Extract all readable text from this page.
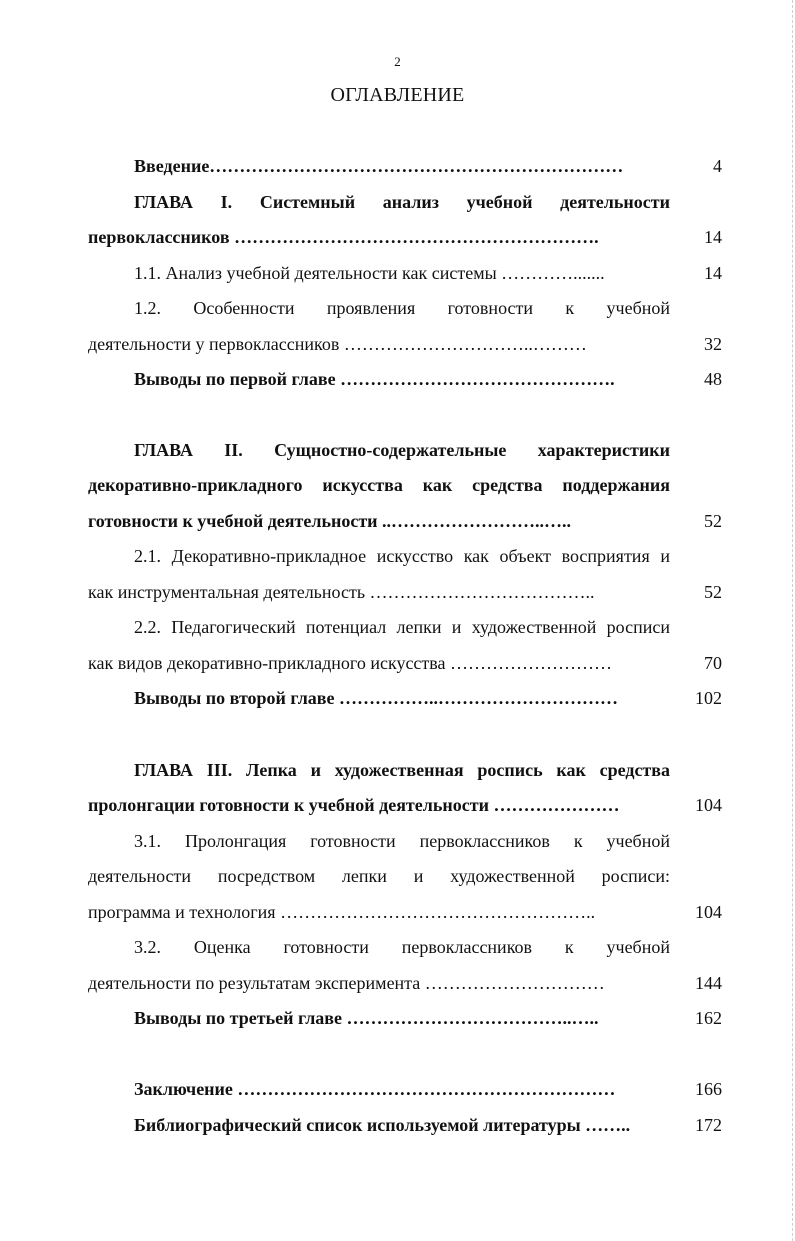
2
ОГЛАВЛЕНИЕ
Введение……………………………………………………………	4
ГЛАВА I. Системный анализ учебной деятельности
первоклассников …………………………………………………….	14
1.1. Анализ учебной деятельности как системы ………….......	14
1.2. Особенности проявления готовности к учебной
деятельности у первоклассников …………………………..………	32
Выводы по первой главе ……………………………………….	48
ГЛАВА II. Сущностно-содержательные характеристики
декоративно-прикладного искусства как средства поддержания
готовности к учебной деятельности ..……………………..…..	52
2.1. Декоративно-прикладное искусство как объект восприятия и
как инструментальная деятельность ………………………………..	52
2.2. Педагогический потенциал лепки и художественной росписи
как видов декоративно-прикладного искусства ………………………	70
Выводы по второй главе ……………..…………………………	102
ГЛАВА III. Лепка и художественная роспись как средства
пролонгации готовности к учебной деятельности …………………	104
3.1. Пролонгация готовности первоклассников к учебной
деятельности посредством лепки и художественной росписи:
программа и технология ……………………………………………..	104
3.2. Оценка готовности первоклассников к учебной
деятельности по результатам эксперимента …………………………	144
Выводы по третьей главе ………………………………..…..	162
Заключение ………………………………………………………	166
Библиографический список используемой литературы ……..	172
